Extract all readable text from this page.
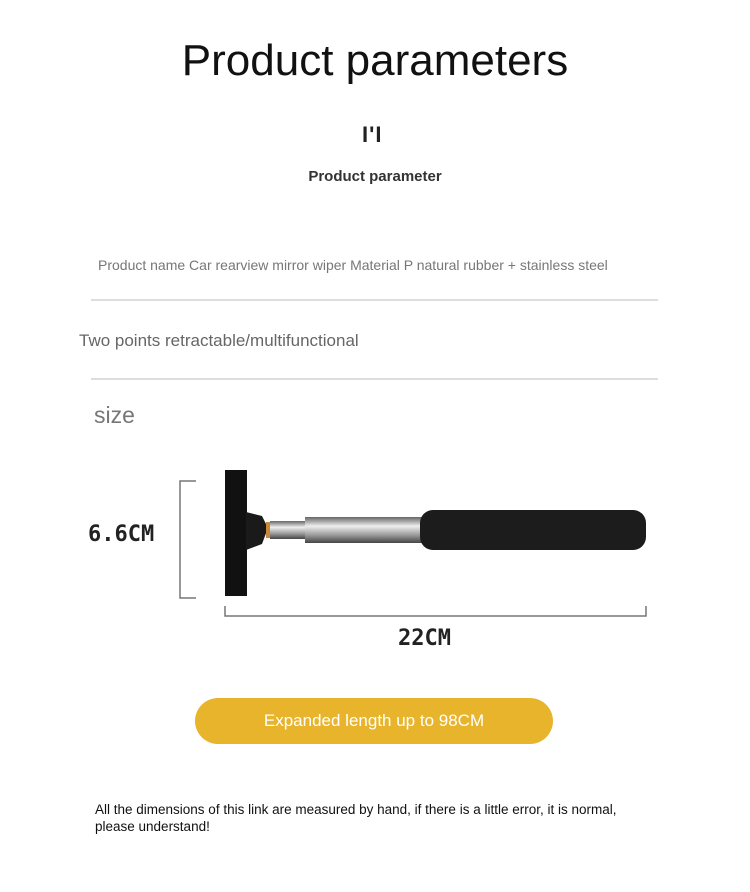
Product parameters
I'I
Product parameter
Product name Car rearview mirror wiper Material P natural rubber + stainless steel
Two points retractable/multifunctional
size
6.6CM
22CM
Expanded length up to 98CM
All the dimensions of this link are measured by hand, if there is a little error, it is normal, please understand!
